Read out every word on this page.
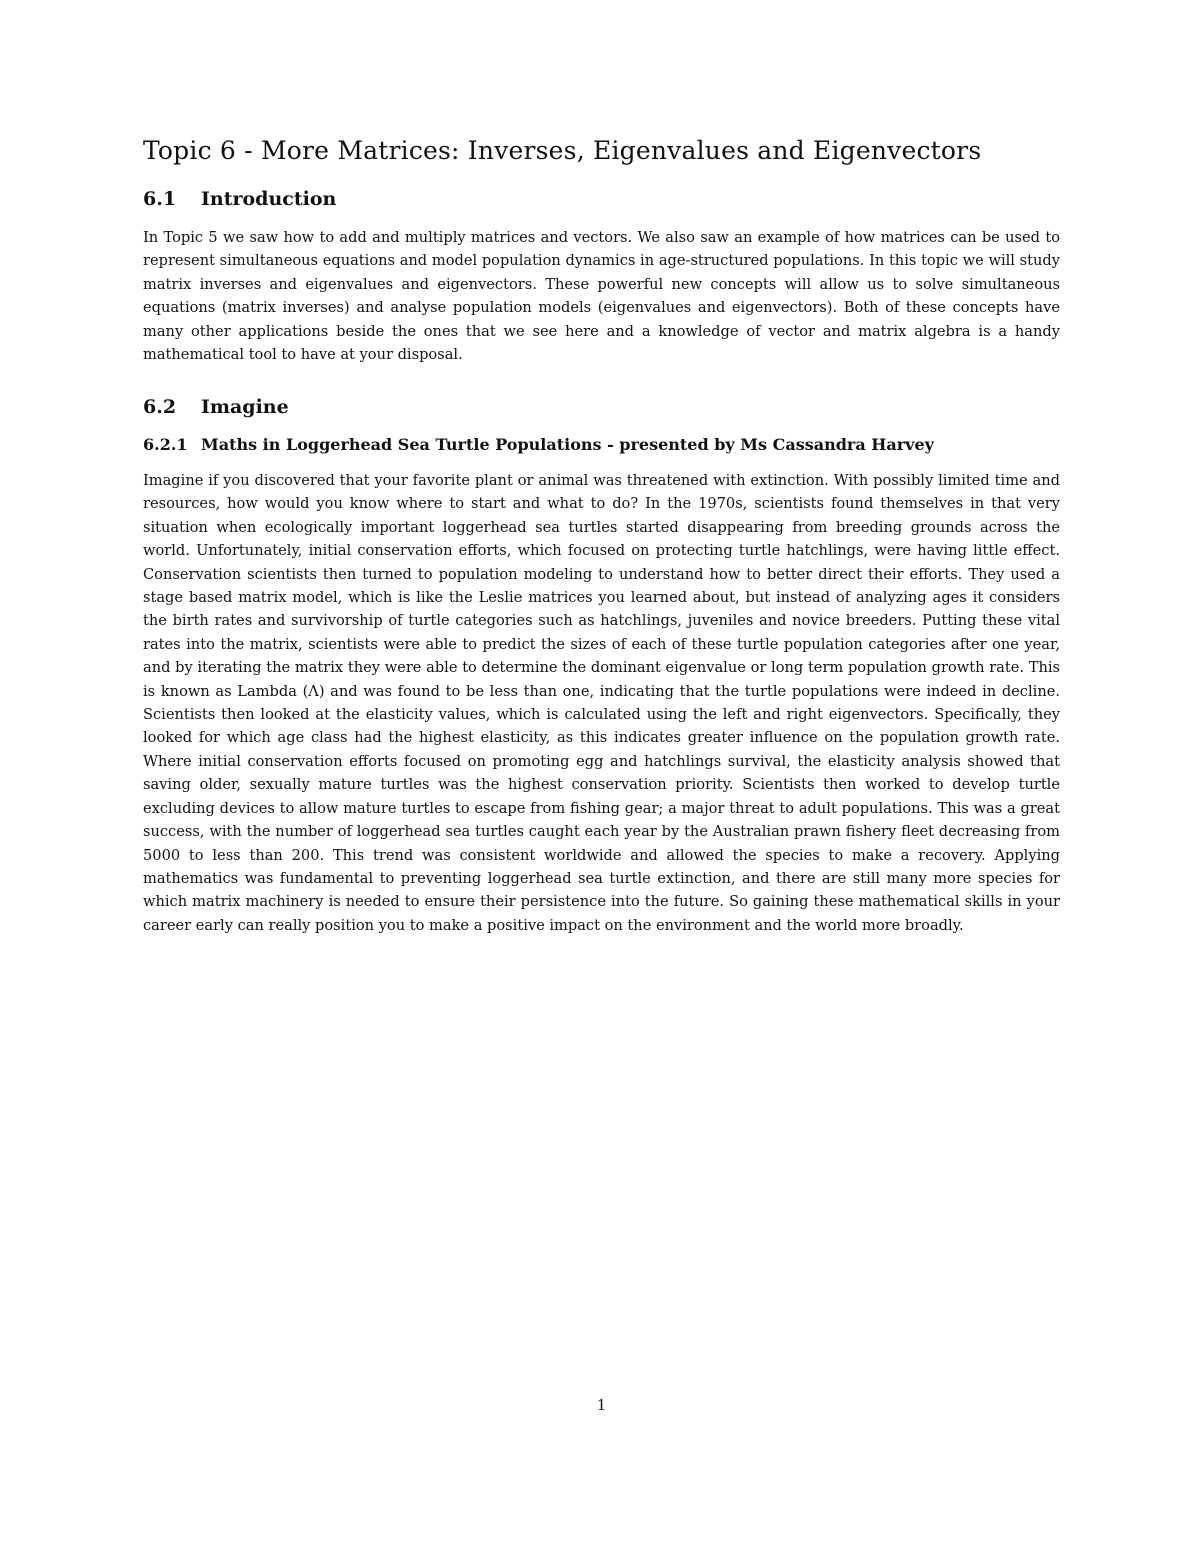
Topic 6 - More Matrices: Inverses, Eigenvalues and Eigenvectors
6.1 Introduction

In Topic 5 we saw how to add and multiply matrices and vectors. We also saw an example of how matrices can be used to represent simultaneous equations and model population dynamics in age-structured populations. In this topic we will study matrix inverses and eigenvalues and eigenvectors. These powerful new concepts will allow us to solve simultaneous equations (matrix inverses) and analyse population models (eigenvalues and eigenvectors). Both of these concepts have many other applications beside the ones that we see here and a knowledge of vector and matrix algebra is a handy mathematical tool to have at your disposal.

6.2 Imagine
6.2.1 Maths in Loggerhead Sea Turtle Populations - presented by Ms Cassandra Harvey

Imagine if you discovered that your favorite plant or animal was threatened with extinction. With possibly limited time and resources, how would you know where to start and what to do? In the 1970s, scientists found themselves in that very situation when ecologically important loggerhead sea turtles started disappearing from breeding grounds across the world. Unfortunately, initial conservation efforts, which focused on protecting turtle hatchlings, were having little effect. Conservation scientists then turned to population modeling to understand how to better direct their efforts. They used a stage based matrix model, which is like the Leslie matrices you learned about, but instead of analyzing ages it considers the birth rates and survivorship of turtle categories such as hatchlings, juveniles and novice breeders. Putting these vital rates into the matrix, scientists were able to predict the sizes of each of these turtle population categories after one year, and by iterating the matrix they were able to determine the dominant eigenvalue or long term population growth rate. This is known as Lambda (Λ) and was found to be less than one, indicating that the turtle populations were indeed in decline. Scientists then looked at the elasticity values, which is calculated using the left and right eigenvectors. Specifically, they looked for which age class had the highest elasticity, as this indicates greater influence on the population growth rate. Where initial conservation efforts focused on promoting egg and hatchlings survival, the elasticity analysis showed that saving older, sexually mature turtles was the highest conservation priority. Scientists then worked to develop turtle excluding devices to allow mature turtles to escape from fishing gear; a major threat to adult populations. This was a great success, with the number of loggerhead sea turtles caught each year by the Australian prawn fishery fleet decreasing from 5000 to less than 200. This trend was consistent worldwide and allowed the species to make a recovery. Applying mathematics was fundamental to preventing loggerhead sea turtle extinction, and there are still many more species for which matrix machinery is needed to ensure their persistence into the future. So gaining these mathematical skills in your career early can really position you to make a positive impact on the environment and the world more broadly.

1
